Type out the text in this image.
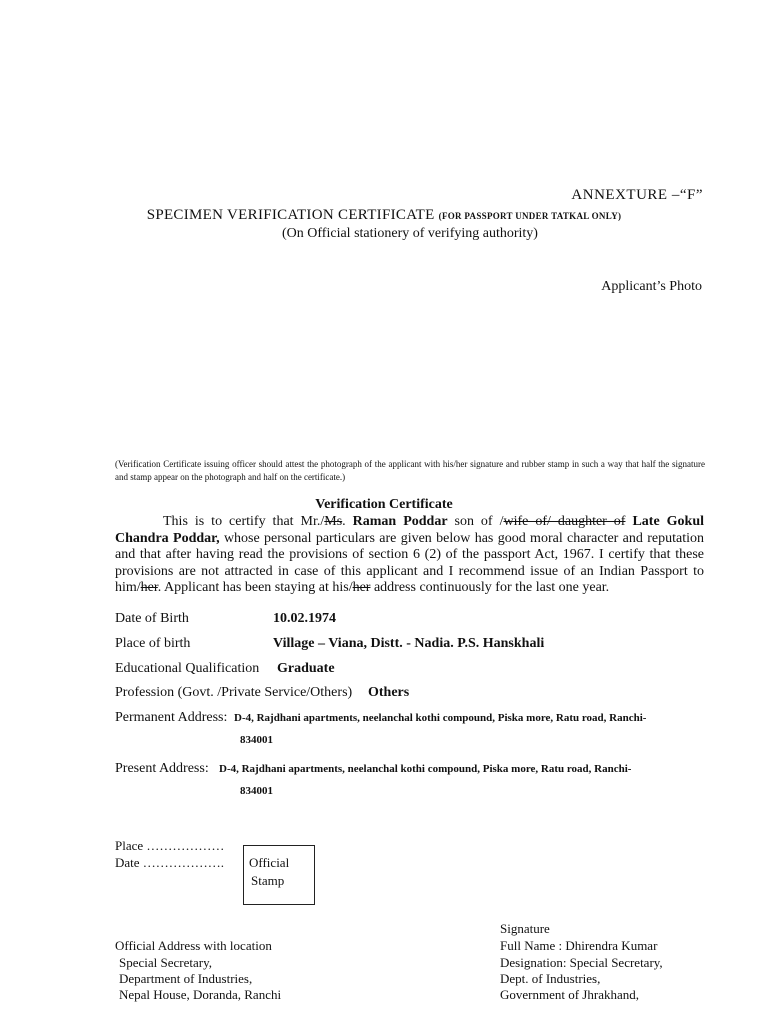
ANNEXTURE –“F”
SPECIMEN VERIFICATION CERTIFICATE (FOR PASSPORT UNDER TATKAL ONLY)
(On Official stationery of verifying authority)
Applicant’s Photo
(Verification Certificate issuing officer should attest the photograph of the applicant with his/her signature and rubber stamp in such a way that half the signature and stamp appear on the photograph and half on the certificate.)
Verification Certificate
This is to certify that Mr./Ms. Raman Poddar son of /wife of/ daughter of Late Gokul Chandra Poddar, whose personal particulars are given below has good moral character and reputation and that after having read the provisions of section 6 (2) of the passport Act, 1967. I certify that these provisions are not attracted in case of this applicant and I recommend issue of an Indian Passport to him/her. Applicant has been staying at his/her address continuously for the last one year.
Date of Birth	10.02.1974
Place of birth	Village – Viana, Distt. - Nadia. P.S. Hanskhali
Educational Qualification Graduate
Profession (Govt. /Private Service/Others) Others
Permanent Address: D-4, Rajdhani apartments, neelanchal kothi compound, Piska more, Ratu road, Ranchi-
834001
Present Address: D-4, Rajdhani apartments, neelanchal kothi compound, Piska more, Ratu road, Ranchi-
834001
Place ………………
Date ………………. Official
Stamp
Signature
Full Name : Dhirendra Kumar
Designation: Special Secretary,
Dept. of Industries,
Government of Jhrakhand,
Official Address with location
Special Secretary,
Department of Industries,
Nepal House, Doranda, Ranchi
